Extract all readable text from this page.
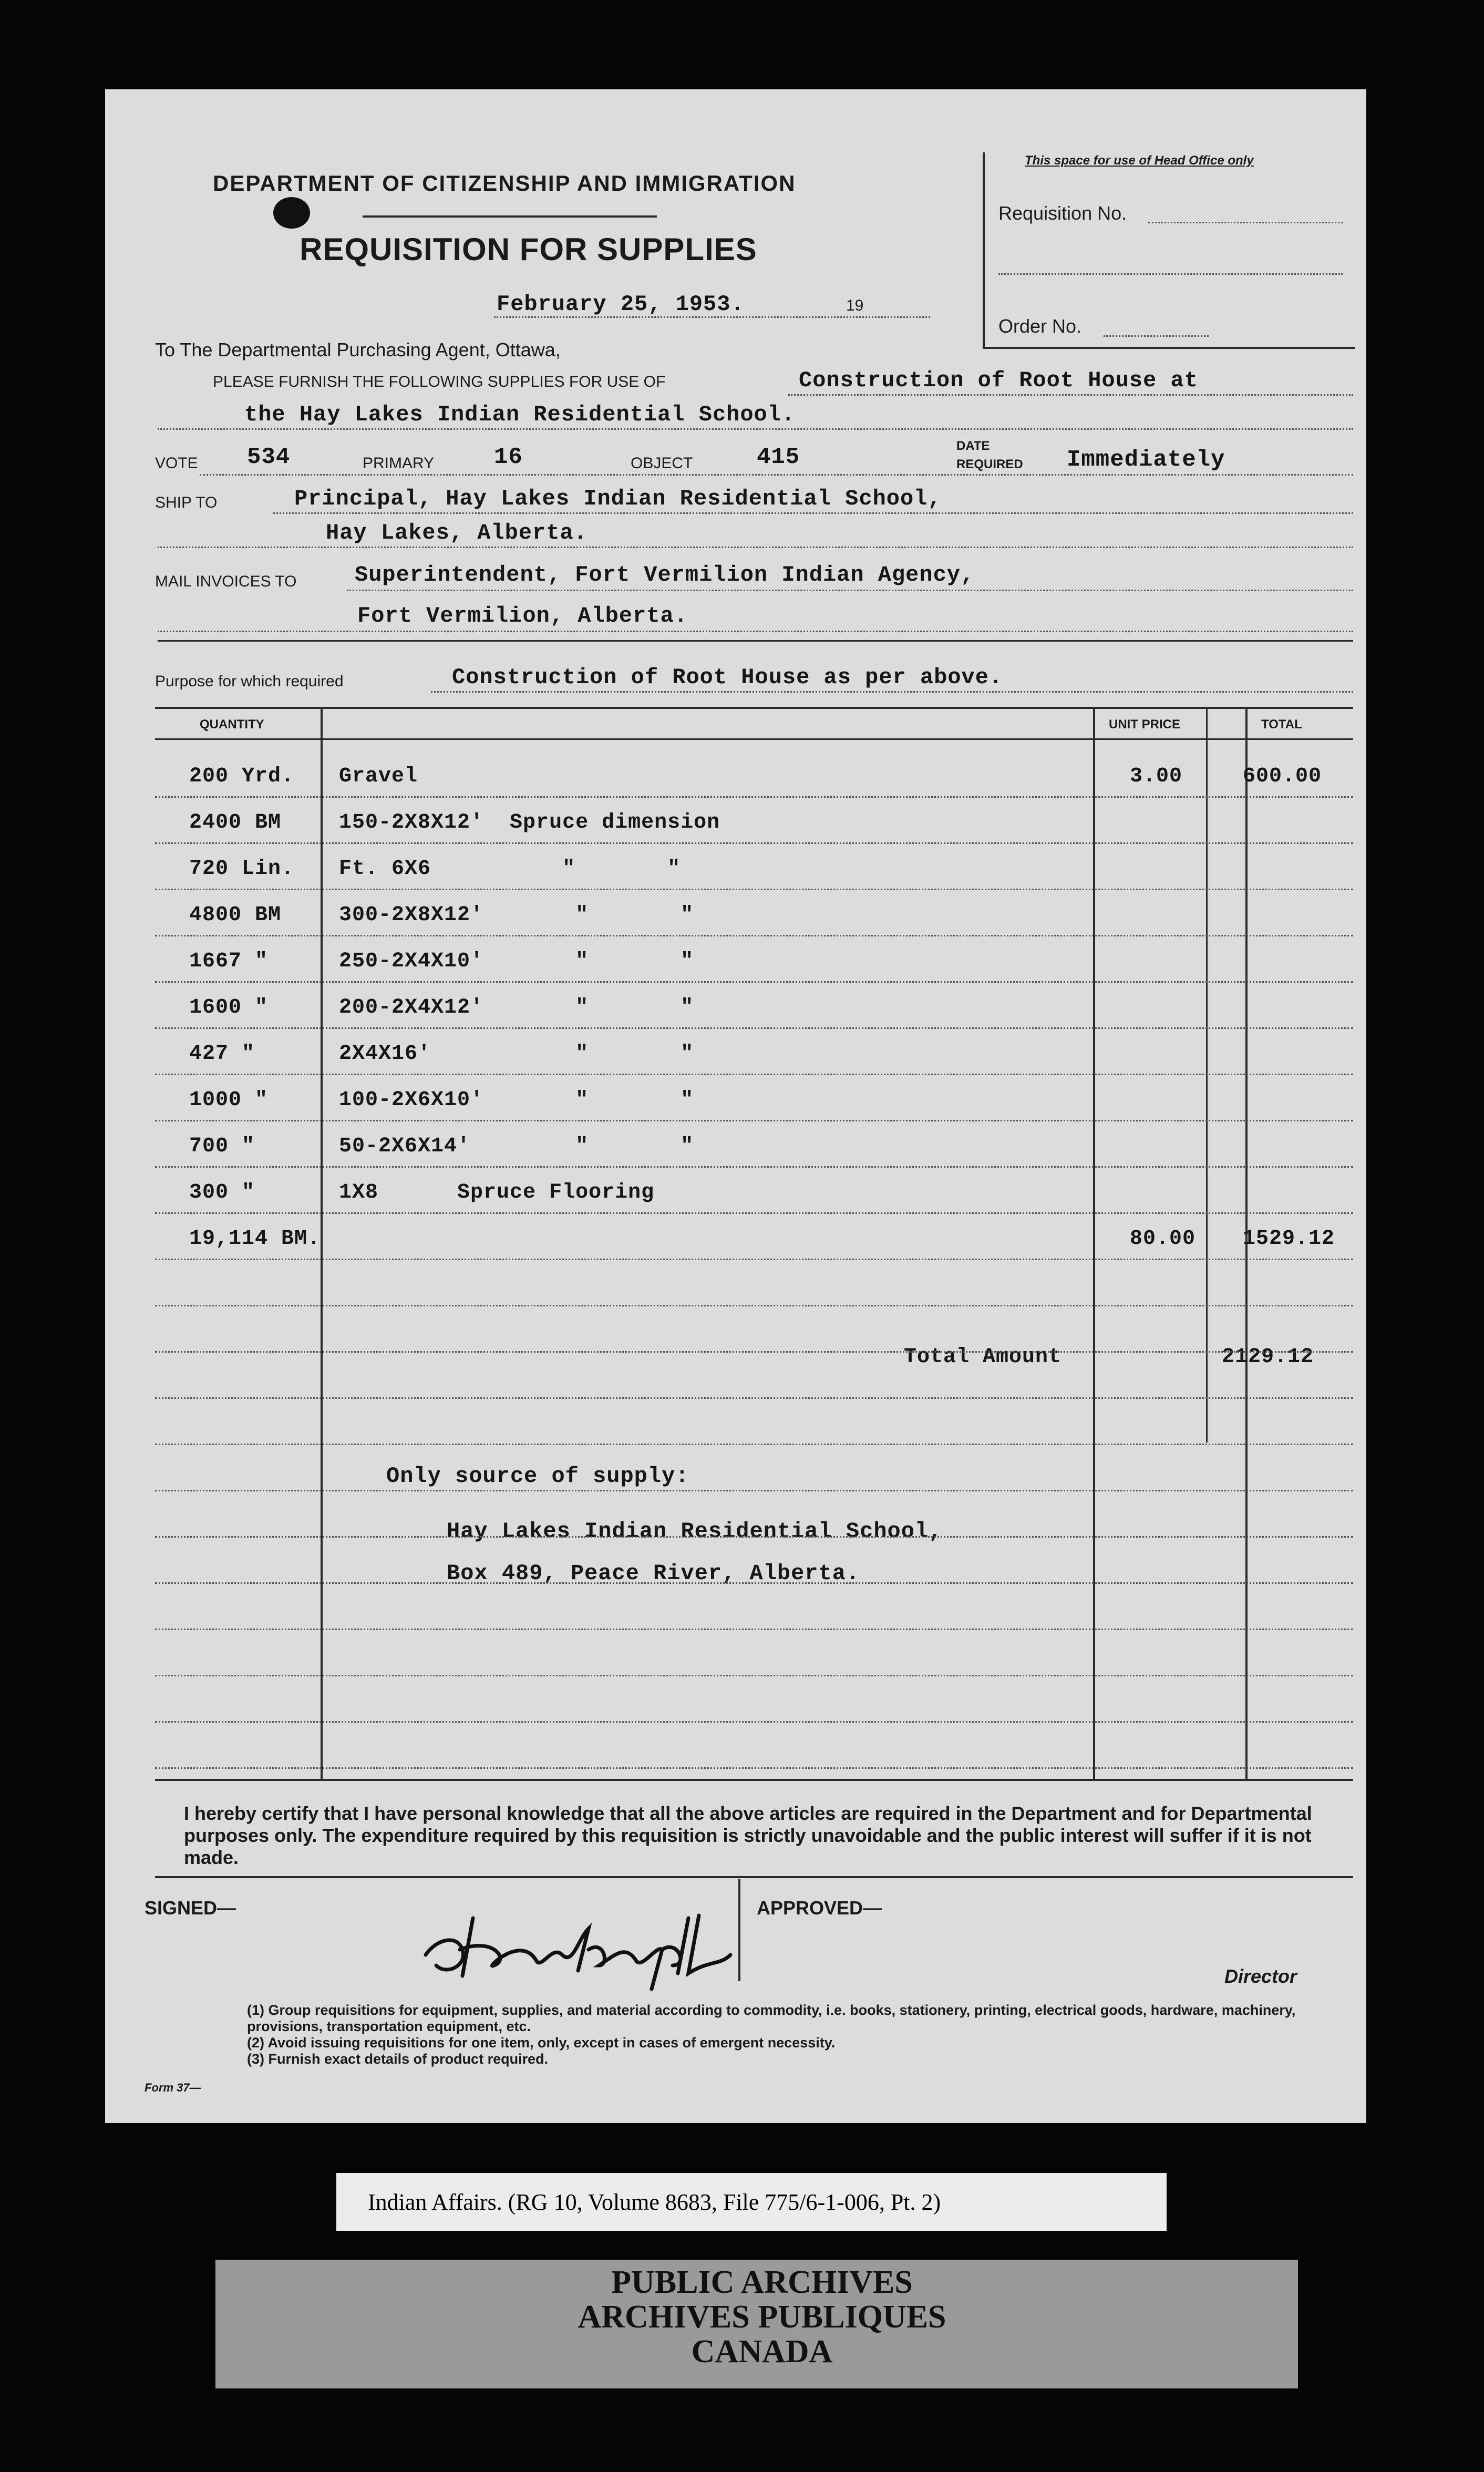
DEPARTMENT OF CITIZENSHIP AND IMMIGRATION
REQUISITION FOR SUPPLIES
February 25, 1953.	19
This space for use of Head Office only
Requisition No.
Order No.
To The Departmental Purchasing Agent, Ottawa,
PLEASE FURNISH THE FOLLOWING SUPPLIES FOR USE OF	Construction of Root House at
the Hay Lakes Indian Residential School.
VOTE 534	PRIMARY	16	OBJECT	415	DATE
REQUIRED Immediately
SHIP TO	Principal, Hay Lakes Indian Residential School,
Hay Lakes, Alberta.
MAIL INVOICES TO	Superintendent, Fort Vermilion Indian Agency,
Fort Vermilion, Alberta.
Purpose for which required	Construction of Root House as per above.
QUANTITY	UNIT PRICE	TOTAL
200 Yrd. Gravel	3.00	600.00
2400 BM	150-2X8X12'  Spruce dimension
720 Lin. Ft. 6X6          "       "
4800 BM	300-2X8X12'       "       "
1667 "	250-2X4X10'       "       "
1600 "	200-2X4X12'       "       "
427 "	2X4X16'           "       "
1000 "	100-2X6X10'       "       "
700 "	50-2X6X14'        "       "
300 "	1X8      Spruce Flooring
19,114 BM.	80.00 1529.12
Total Amount	2129.12
Only source of supply:
Hay Lakes Indian Residential School,
Box 489, Peace River, Alberta.
I hereby certify that I have personal knowledge that all the above articles are required in the Department and for Departmental purposes only. The expenditure required by this requisition is strictly unavoidable and the public interest will suffer if it is not made.
SIGNED—	APPROVED—
Director
(1) Group requisitions for equipment, supplies, and material according to commodity, i.e. books, stationery, printing, electrical goods, hardware, machinery, provisions, transportation equipment, etc.
(2) Avoid issuing requisitions for one item, only, except in cases of emergent necessity.
(3) Furnish exact details of product required.
Form 37—
Indian Affairs. (RG 10, Volume 8683, File 775/6-1-006, Pt. 2)
PUBLIC ARCHIVES
ARCHIVES PUBLIQUES
CANADA
